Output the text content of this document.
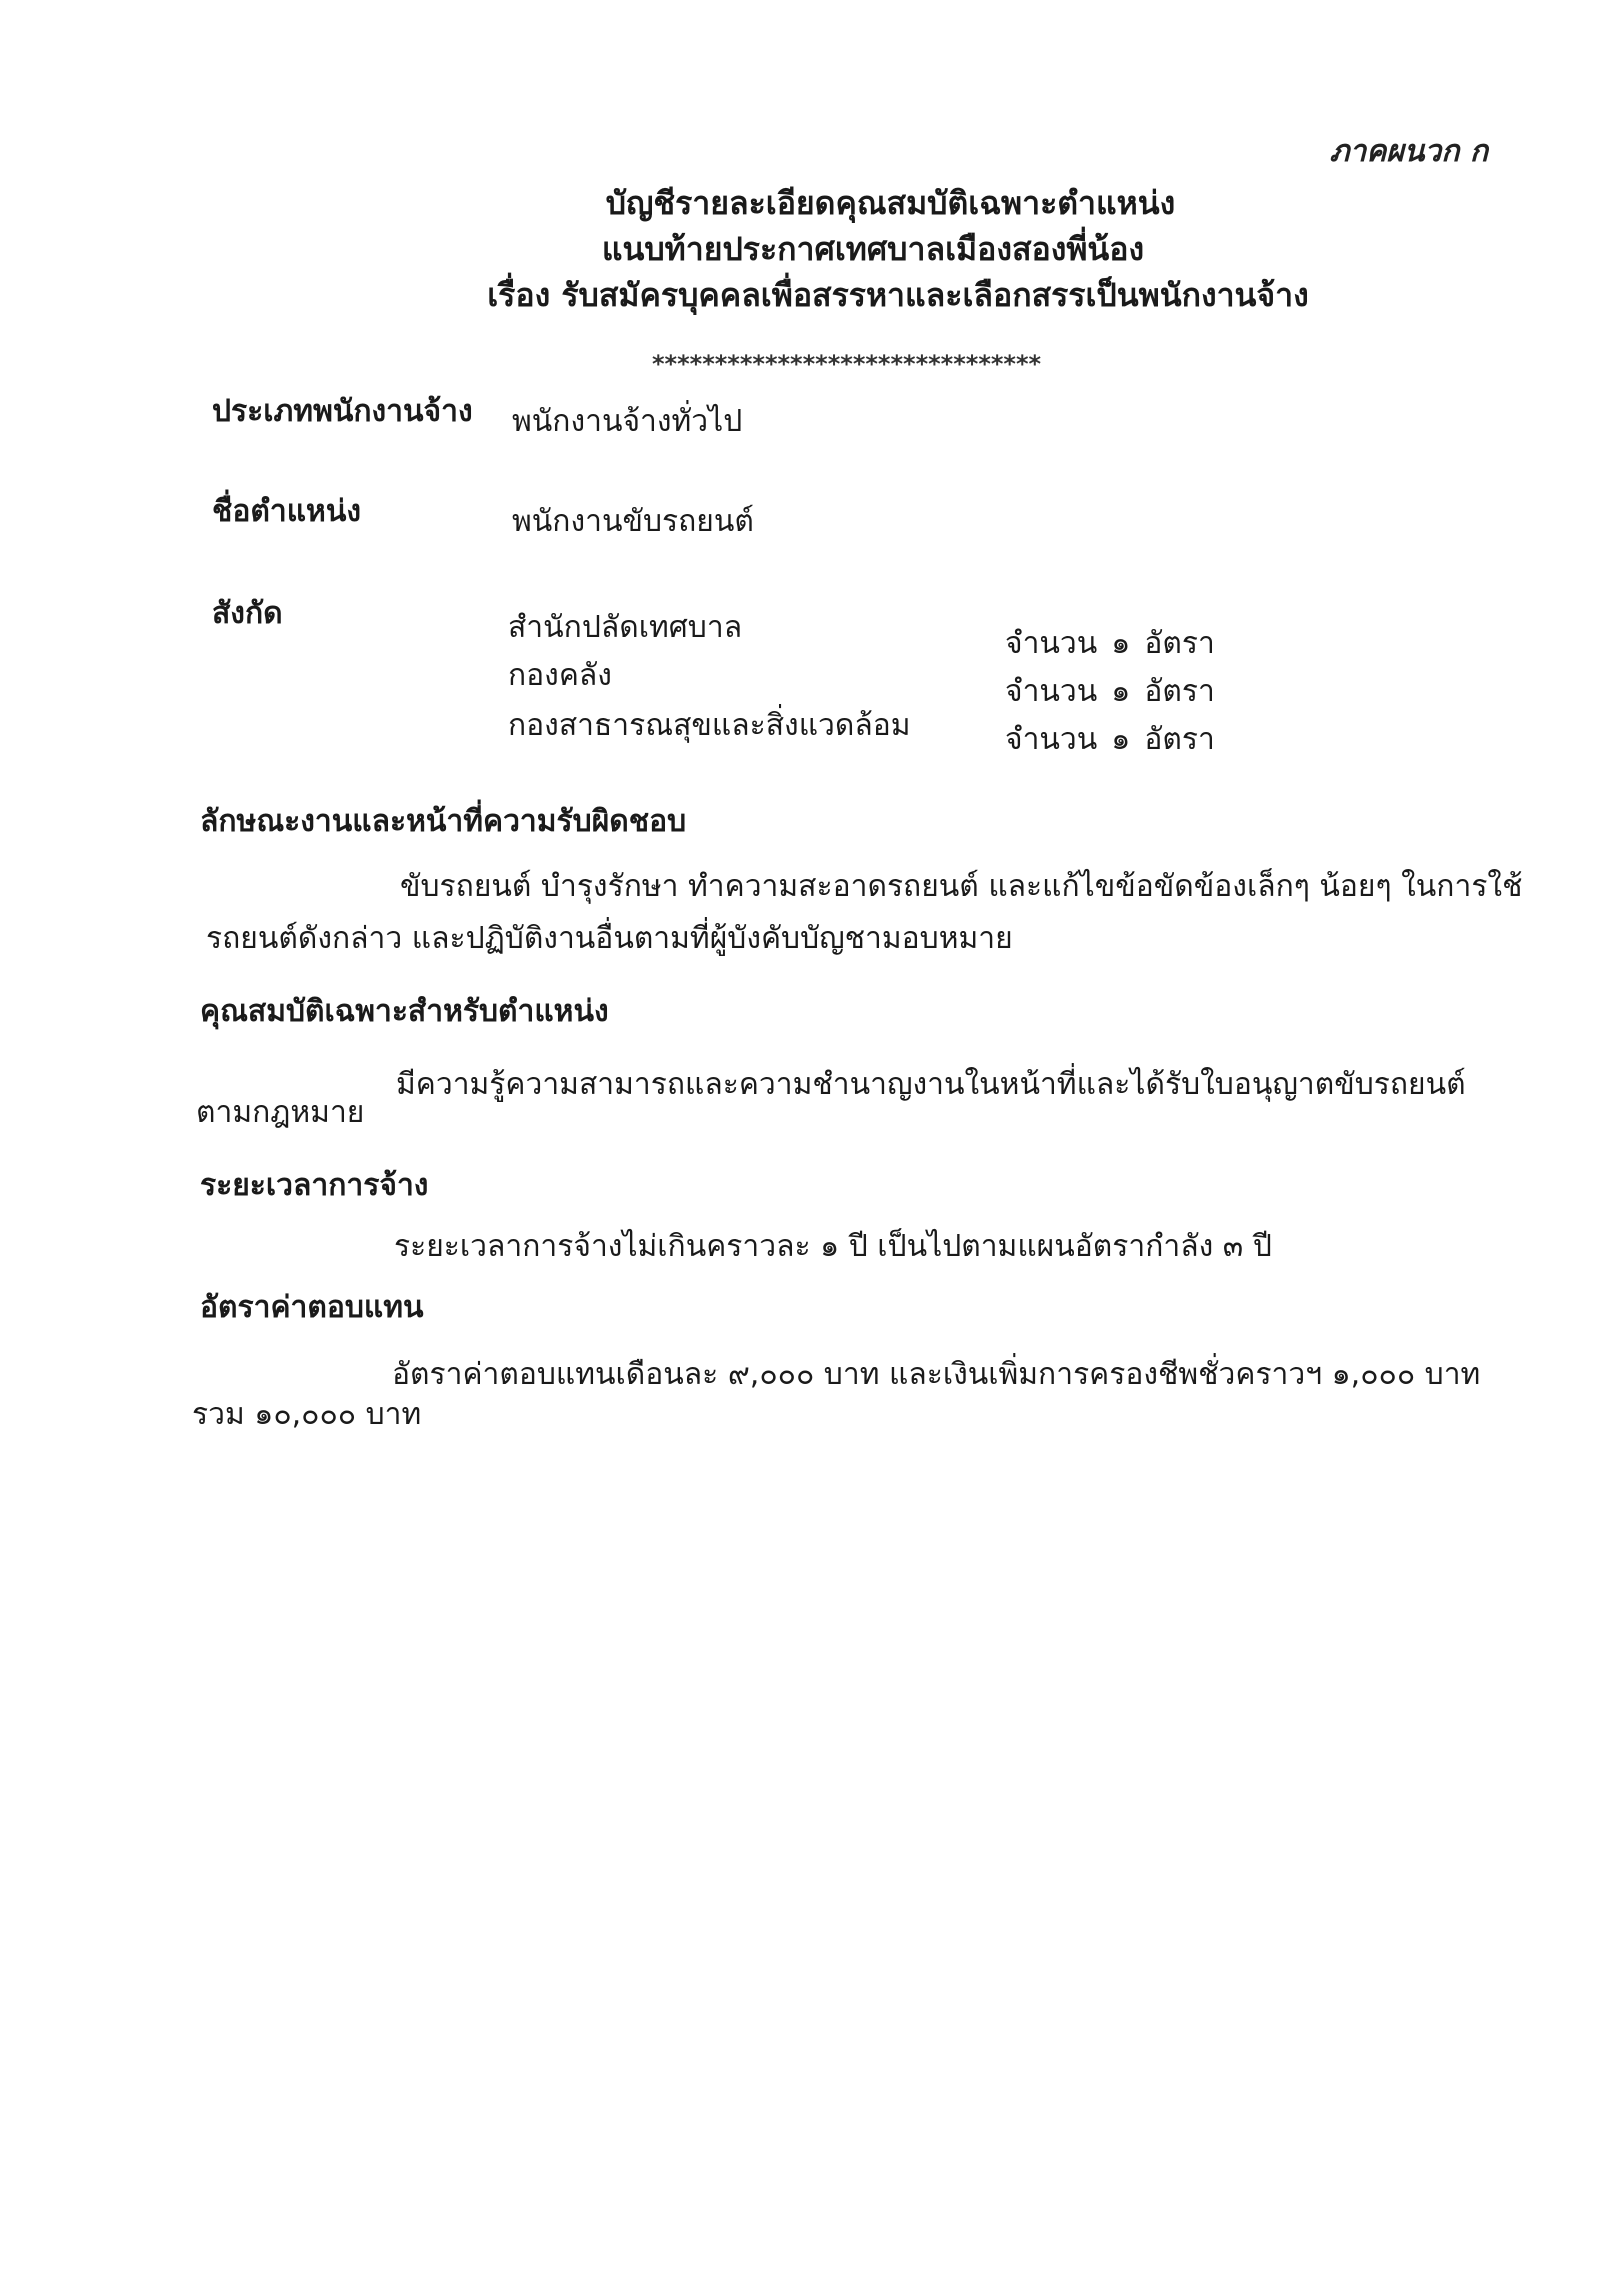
ภาคผนวก ก

บัญชีรายละเอียดคุณสมบัติเฉพาะตำแหน่ง

แนบท้ายประกาศเทศบาลเมืองสองพี่น้อง

เรื่อง รับสมัครบุคคลเพื่อสรรหาและเลือกสรรเป็นพนักงานจ้าง

*******************************
ประเภทพนักงานจ้าง พนักงานจ้างทั่วไป
ชื่อตำแหน่ง	พนักงานขับรถยนต์
สังกัด	สำนักปลัดเทศบาล	จำนวน ๑ อัตรา
กองคลัง	จำนวน ๑ อัตรา
กองสาธารณสุขและสิ่งแวดล้อม	จำนวน ๑ อัตรา
ลักษณะงานและหน้าที่ความรับผิดชอบ
ขับรถยนต์ บำรุงรักษา ทำความสะอาดรถยนต์ และแก้ไขข้อขัดข้องเล็กๆ น้อยๆ ในการใช้
รถยนต์ดังกล่าว และปฏิบัติงานอื่นตามที่ผู้บังคับบัญชามอบหมาย
คุณสมบัติเฉพาะสำหรับตำแหน่ง
มีความรู้ความสามารถและความชำนาญงานในหน้าที่และได้รับใบอนุญาตขับรถยนต์
ตามกฎหมาย
ระยะเวลาการจ้าง
ระยะเวลาการจ้างไม่เกินคราวละ ๑ ปี เป็นไปตามแผนอัตรากำลัง ๓ ปี
อัตราค่าตอบแทน
อัตราค่าตอบแทนเดือนละ ๙,๐๐๐ บาท และเงินเพิ่มการครองชีพชั่วคราวฯ ๑,๐๐๐ บาท
รวม ๑๐,๐๐๐ บาท
